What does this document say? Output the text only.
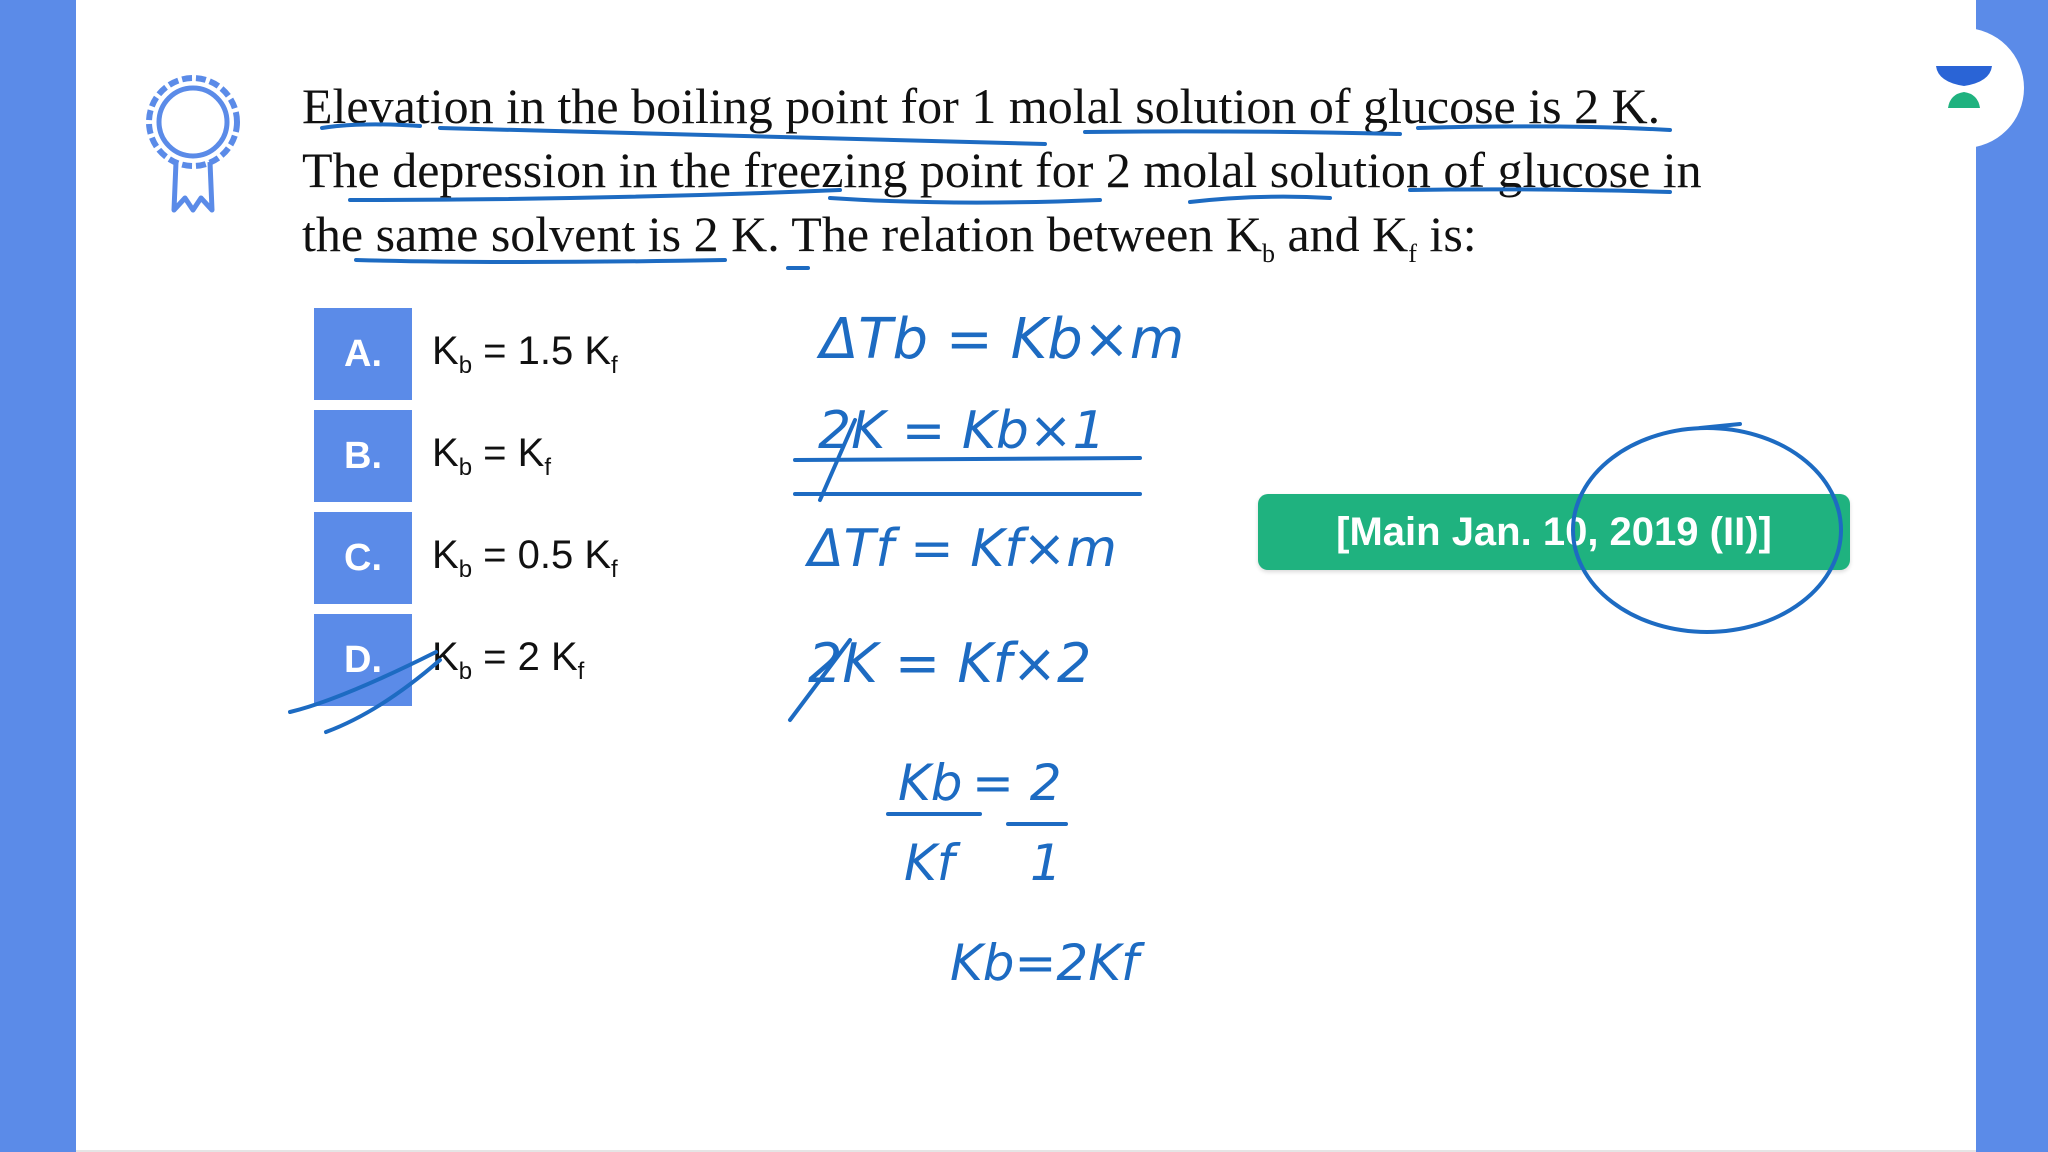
Elevation in the boiling point for 1 molal solution of glucose is 2 K.
The depression in the freezing point for 2 molal solution of glucose in
the same solvent is 2 K. The relation between $K_b$ and $K_f$ is:

A.	$K_b = 1.5$ $K_f$
B.	$K_b = K_f$
C.	$K_b = 0.5$ $K_f$
D.	$K_b = 2$ $K_f$
[Main Jan. 10, 2019 (II)]
ΔTb = Kb×m
2K = Kb×1
ΔTf = Kf×m
2K = Kf×2
Kb = 2
Kf 1
Kb=2Kf
